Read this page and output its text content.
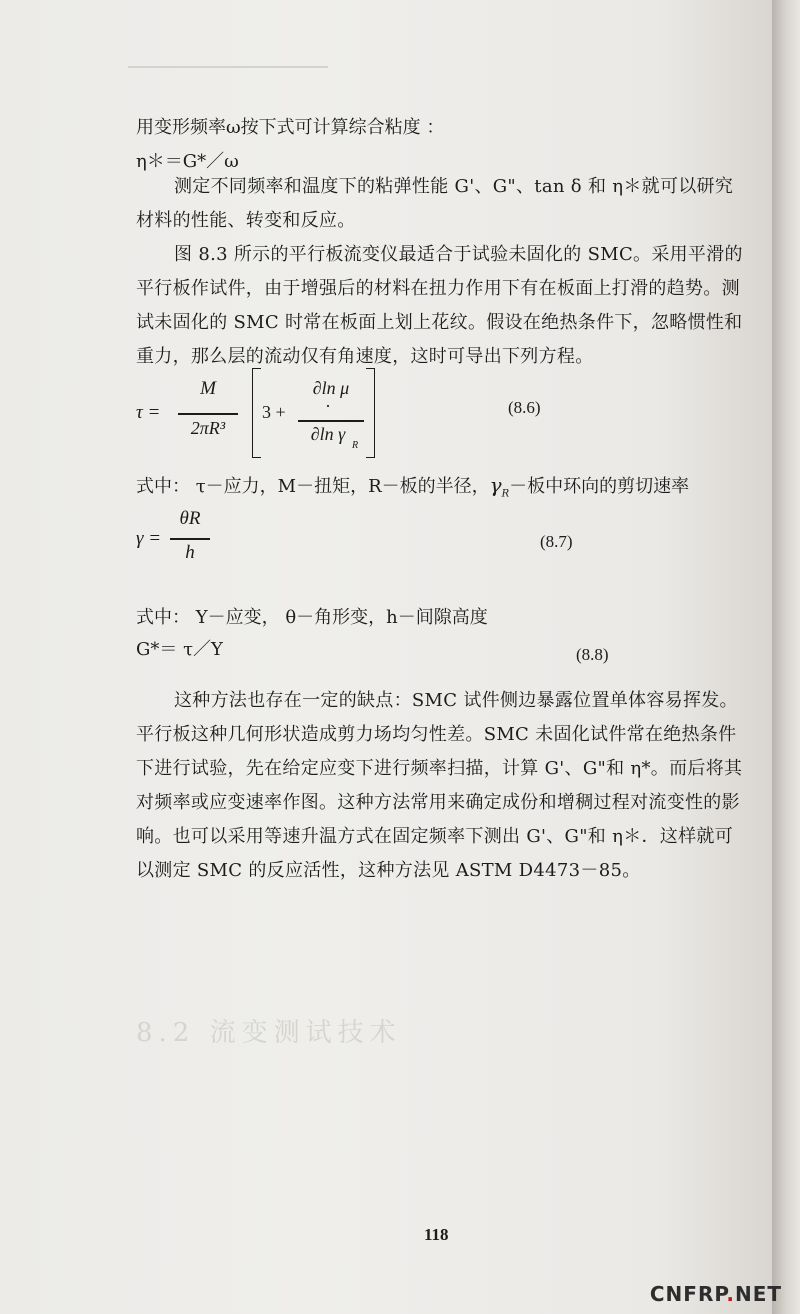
8.2 流变测试技术
用变形频率ω按下式可计算综合粘度 ：
η＊＝G*／ω
测定不同频率和温度下的粘弹性能 G'、G"、tan δ 和 η＊就可以研究材料的性能、转变和反应。
图 8.3 所示的平行板流变仪最适合于试验未固化的 SMC。采用平滑的平行板作试件，由于增强后的材料在扭力作用下有在板面上打滑的趋势。测试未固化的 SMC 时常在板面上划上花纹。假设在绝热条件下，忽略惯性和重力，那么层的流动仅有角速度，这时可导出下列方程。
τ =
M
2πR³
3 +
∂ln μ
·
∂ln γ
R
(8.6)
式中： τ－应力，M－扭矩，R－板的半径，$\gamma_R-$板中环向的剪切速率
γ =
θR
h
(8.7)
式中： Υ－应变， θ－角形变，h－间隙高度
G*＝ τ／Υ	(8.8)
这种方法也存在一定的缺点：SMC 试件侧边暴露位置单体容易挥发。平行板这种几何形状造成剪力场均匀性差。SMC 未固化试件常在绝热条件下进行试验，先在给定应变下进行频率扫描，计算 G'、G"和 η*。而后将其对频率或应变速率作图。这种方法常用来确定成份和增稠过程对流变性的影响。也可以采用等速升温方式在固定频率下测出 G'、G"和 η＊．这样就可以测定 SMC 的反应活性，这种方法见 ASTM D4473－85。
118
CNFRP.NET
